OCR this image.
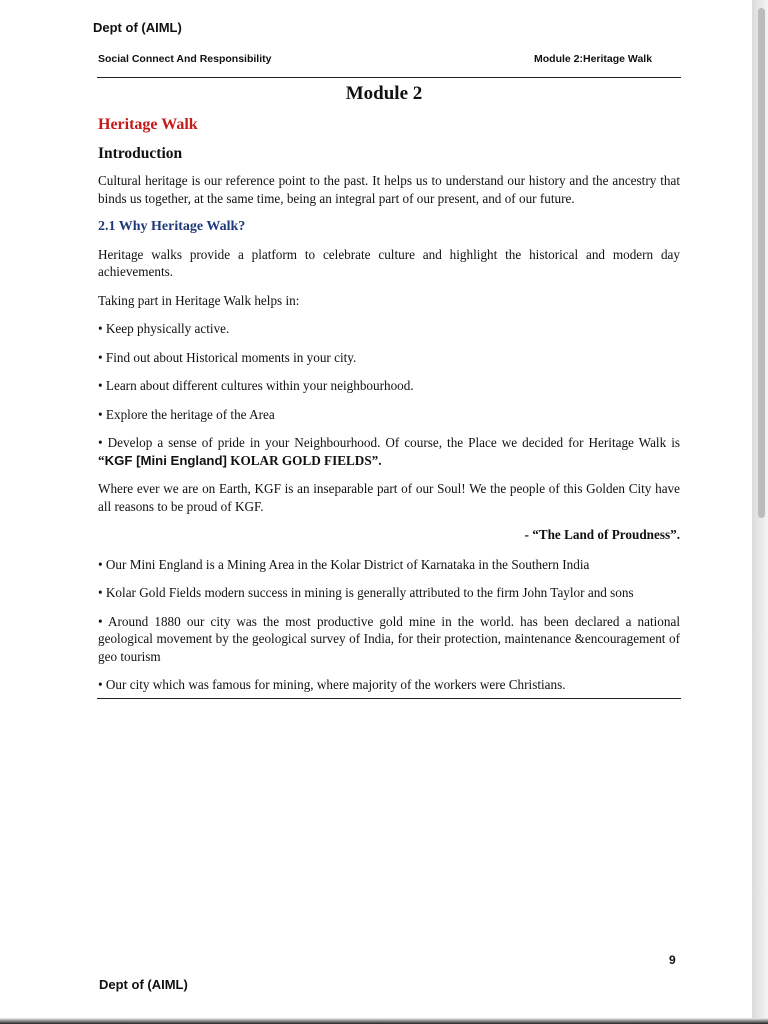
Dept of (AIML)
Social Connect And Responsibility	Module 2:Heritage Walk
Module 2
Heritage Walk
Introduction

Cultural heritage is our reference point to the past. It helps us to understand our history and the ancestry that binds us together, at the same time, being an integral part of our present, and of our future.

2.1 Why Heritage Walk?

Heritage walks provide a platform to celebrate culture and highlight the historical and modern day achievements.

Taking part in Heritage Walk helps in:

• Keep physically active.

• Find out about Historical moments in your city.

• Learn about different cultures within your neighbourhood.

• Explore the heritage of the Area

• Develop a sense of pride in your Neighbourhood. Of course, the Place we decided for Heritage Walk is “KGF [Mini England] KOLAR GOLD FIELDS”.

Where ever we are on Earth, KGF is an inseparable part of our Soul! We the people of this Golden City have all reasons to be proud of KGF.

- “The Land of Proudness”.

• Our Mini England is a Mining Area in the Kolar District of Karnataka in the Southern India

• Kolar Gold Fields modern success in mining is generally attributed to the firm John Taylor and sons

• Around 1880 our city was the most productive gold mine in the world. has been declared a national geological movement by the geological survey of India, for their protection, maintenance &encouragement of geo tourism

• Our city which was famous for mining, where majority of the workers were Christians.

9
Dept of (AIML)
